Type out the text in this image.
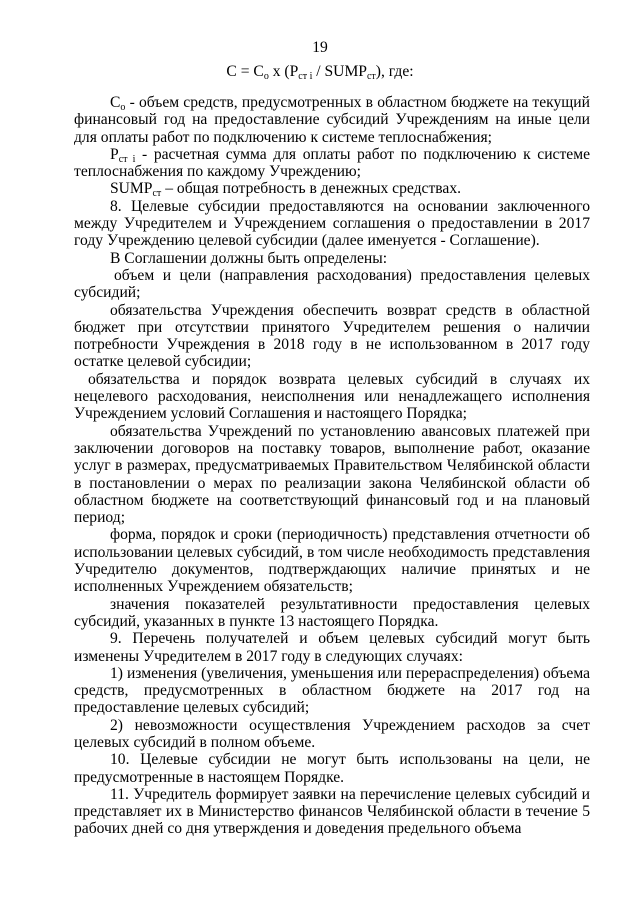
19
$C = C_o$ x ($P_{ст i}$ / $SUMP_{ст}$), где:

$C_о$ - объем средств, предусмотренных в областном бюджете на текущий финансовый год на предоставление субсидий Учреждениям на иные цели для оплаты работ по подключению к системе теплоснабжения;

$P_{ст i}$ - расчетная сумма для оплаты работ по подключению к системе теплоснабжения по каждому Учреждению;

$SUMP_{ст}$ – общая потребность в денежных средствах.

8. Целевые субсидии предоставляются на основании заключенного между Учредителем и Учреждением соглашения о предоставлении в 2017 году Учреждению целевой субсидии (далее именуется - Соглашение).

В Соглашении должны быть определены:

объем и цели (направления расходования) предоставления целевых субсидий;

обязательства Учреждения обеспечить возврат средств в областной бюджет при отсутствии принятого Учредителем решения о наличии потребности Учреждения в 2018 году в не использованном в 2017 году остатке целевой субсидии;

обязательства и порядок возврата целевых субсидий в случаях их нецелевого расходования, неисполнения или ненадлежащего исполнения Учреждением условий Соглашения и настоящего Порядка;

обязательства Учреждений по установлению авансовых платежей при заключении договоров на поставку товаров, выполнение работ, оказание услуг в размерах, предусматриваемых Правительством Челябинской области в постановлении о мерах по реализации закона Челябинской области об областном бюджете на соответствующий финансовый год и на плановый период;

форма, порядок и сроки (периодичность) представления отчетности об использовании целевых субсидий, в том числе необходимость представления Учредителю документов, подтверждающих наличие принятых и не исполненных Учреждением обязательств;

значения показателей результативности предоставления целевых субсидий, указанных в пункте 13 настоящего Порядка.

9. Перечень получателей и объем целевых субсидий могут быть изменены Учредителем в 2017 году в следующих случаях:

1) изменения (увеличения, уменьшения или перераспределения) объема средств, предусмотренных в областном бюджете на 2017 год на предоставление целевых субсидий;

2) невозможности осуществления Учреждением расходов за счет целевых субсидий в полном объеме.

10. Целевые субсидии не могут быть использованы на цели, не предусмотренные в настоящем Порядке.

11. Учредитель формирует заявки на перечисление целевых субсидий и представляет их в Министерство финансов Челябинской области в течение 5 рабочих дней со дня утверждения и доведения предельного объема
